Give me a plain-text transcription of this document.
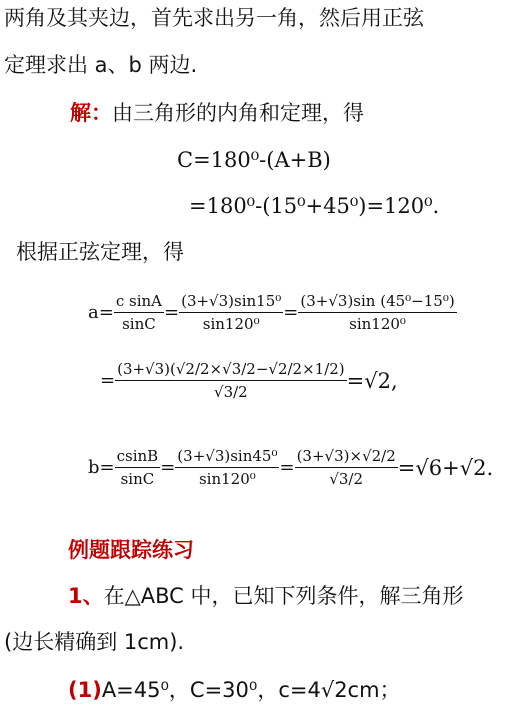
两角及其夹边，首先求出另一角，然后用正弦
定理求出 a、b 两边.
解：由三角形的内角和定理，得
C=180⁰-(A+B)
=180⁰-(15⁰+45⁰)=120⁰.
根据正弦定理，得
$a= \frac{\text{c sinA}}{\sin C} = \frac{\text{(3+√3)sin15⁰}}{\text{sin120⁰}} = \frac{\text{(3+√3)sin (45⁰−15⁰)}}{\text{sin120⁰}}$
= $\frac{(3+√3)(√2/2\times√3/2-√2/2\times 1/2)}{√3/2} =√2$,
$b= \frac{csinB}{\sin C} = \frac{\text{(3+√3)sin45⁰}}{\text{sin120⁰}} = \frac{(3+√3)\times√2/2}{√3/2} =√6+√2$.
例题跟踪练习
1、在△ABC 中，已知下列条件，解三角形
(边长精确到 1cm).
(1)A=45⁰，C=30⁰，c=4√2cm；
